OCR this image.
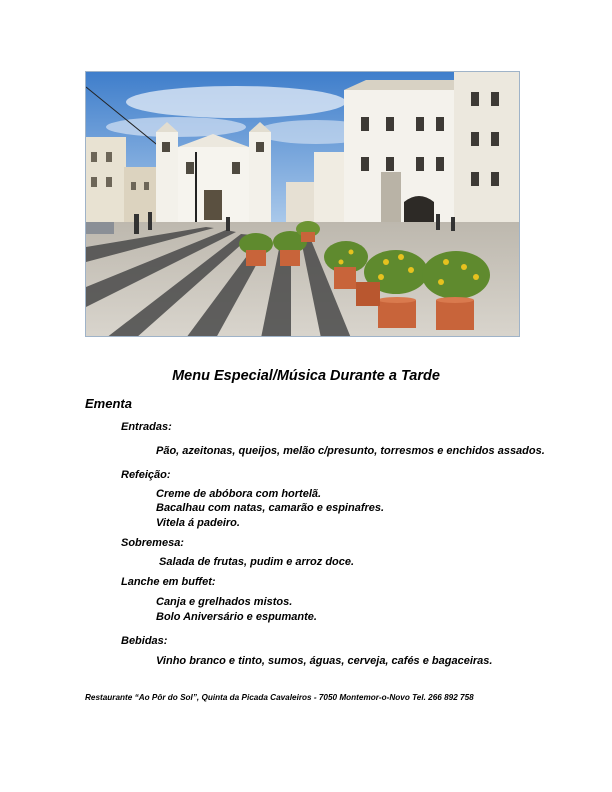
Menu Especial/Música Durante a Tarde
Ementa

Entradas:

Pão, azeitonas, queijos, melão c/presunto, torresmos e enchidos assados.

Refeição:

Creme de abóbora com hortelã.

Bacalhau com natas, camarão e espinafres.

Vitela á padeiro.

Sobremesa:

Salada de frutas, pudim e arroz doce.

Lanche em buffet:

Canja e grelhados mistos.

Bolo Aniversário e espumante.

Bebidas:

Vinho branco e tinto, sumos, águas, cerveja, cafés e bagaceiras.

Restaurante “Ao Pôr do Sol”, Quinta da Picada Cavaleiros - 7050 Montemor-o-Novo Tel. 266 892 758
